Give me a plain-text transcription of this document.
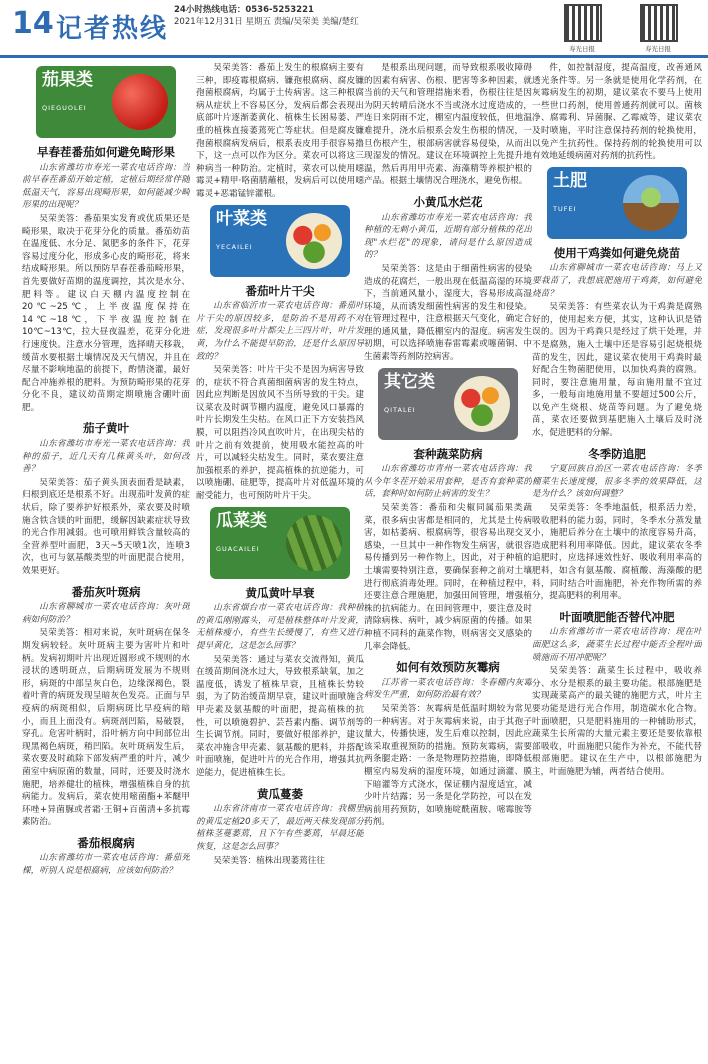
14 记者热线
24小时热线电话：0536-5253221
2021年12月31日 星期五 责编/吴荣美 美编/楚红
寿光日报	寿光日报
茄果类
QIEGUOLEI
早春茬番茄如何避免畸形果

山东省潍坊市寿光一菜农电话咨询：当前早春茬番茄开始定植，定植后期经常伴随低温天气，容易出现畸形果，如何能减少畸形果的出现呢？

吴荣美答：番茄果实发育或优质果还是畸形果，取决于花芽分化的质量。番茄幼苗在温度低、水分足、氮肥多的条件下，花芽容易过度分化，形成多心皮的畸形花，将来结成畸形果。所以预防早春茬番茄畸形果，首先要做好苗期的温度调控，其次是水分、肥料等。建议白天棚内温度控制在20℃~25℃，上半夜温度保持在14℃~18℃，下半夜温度控制在10℃~13℃，拉大昼夜温差，花芽分化进行速度快。注意水分管理，选择晴天移栽，缓苗水要根据土壤情况及天气情况，并且在尽量不影响地温的前提下，酌情浇灌，最好配合冲施养根的肥料。为预防畸形果的花芽分化不良，建议幼苗期定期喷施含硼叶面肥。

茄子黄叶

山东省潍坊市寿光一菜农电话咨询：我种的茄子，近几天有几株黄头叶，如何改善？

吴荣美答：茄子黄头顶表面看是缺素，归根到底还是根系不好。出现茄叶发黄的症状后，除了要养护好根系外，菜农要及时喷施含铁含镁的叶面肥，缓解因缺素症状导致的光合作用减弱。也可喷用鲜铁含量较高的全营养型叶面肥，3天~5天喷1次，连喷3次，也可与氨基酸类型的叶面肥混合使用，效果更好。

番茄灰叶斑病

山东省聊城市一菜农电话咨询：灰叶斑病如何防治？

吴荣美答：相对来说，灰叶斑病在保冬期发病较轻。灰叶斑病主要为害叶片和叶柄。发病初期叶片出现近圆形或不规则的水浸状的透明斑点，后期病斑发展为不规则形，病斑的中部呈灰白色，边缘深褐色，裂着叶背的病斑发现呈暗灰色发亮。正面与早疫病的病斑相似，后期病斑比早疫病的暗小，而且上面没有。病斑剖凹陷，易破裂，穿孔。危害叶柄时，沿叶柄方向中间部位出现黑褐色病斑，稍凹陷。灰叶斑病发生后，菜农要及时疏除下部发病严重的叶片，减少菌室中病原菌的数量，同时，还要及时浇水施肥，培养健壮的植株，增强植株自身的抗病能力。发病后，菜农使用嘧菌酯+苯醚甲环唑+异菌脲或者霜·王铜+百菌清+多抗霉素防治。

番茄根腐病

山东省潍坊市一菜农电话咨询：番茄死棵，听别人说是根腐病，应该如何防治？

吴荣美答：番茄上发生的根腐病主要有三种，即疫霉根腐病、镰孢根腐病、腐皮镰孢菌根腐病，均属于土传病害。这三种根腐病从症状上不容易区分，发病后都会表现出底部叶片逐渐萎黄化、植株生长困易萎、严重的植株直接萎蔫死亡等症状。但是腐皮镰孢菌根腐病发病后，根系表皮用手很容易撸下，这一点可以作为区分。菜农可以将这三种病当一种防治。定植时，菜农可以使用噁霉灵+精甲·咯菌腈蘸根，发病后可以使用噁霉灵+恶霜锰锌灌根。

叶菜类
YECAILEI
番茄叶片干尖

山东省临沂市一菜农电话咨询：番茄叶片干尖的原因较多，是防治不是用药不对症，发现很多叶片都尖上三四片叶，叶片发黄，为什么不能提早防治，还是什么原因导致的？

吴荣美答：叶片干尖不是因为病害导致的，症状不符合真菌细菌病害的发生特点，因此应判断是因放风不当所导致的干尖。建议菜农及时调节棚内温度，避免风口暴露的叶片长期发生尖枯。在风口正下方安装挡风膜，可以阻挡冷风直吹叶片，在出现尖枯的叶片之前有效提前，使用吸水能控高的叶片，可以减轻尖枯发生。同时，菜农要注意加强根系的养护，提高植株的抗逆能力，可以喷施硼、硅肥等，提高叶片对低温环境的耐受能力，也可预防叶片干尖。

瓜菜类
GUACAILEI
黄瓜黄叶早衰

山东省烟台市一菜农电话咨询：我种植的黄瓜刚刚露头，可是植株整体叶片发黄，无植株瘦小，有些生长缓慢了，有些又进行提早黄化，这是怎么回事？

吴荣美答：通过与菜农交流得知，黄瓜在缓苗期间浇水过大，导致根系缺氧，加之温度低，诱发了植株早衰，且植株长势较弱，为了防治缓苗期早衰，建议叶面喷施含甲壳素及氨基酸的叶面肥，提高植株的抗性，可以喷施碧护、芸苔素内酯、调节剂等生长调节剂。同时，要做好根部养护，建议菜农冲施含甲壳素、氨基酸的肥料，并搭配叶面喷施，促进叶片的光合作用，增强其抗逆能力，促进植株生长。

黄瓜蔓萎

山东省济南市一菜农电话咨询：我棚里的黄瓜定植20多天了，最近两天株发现部分植株茎蔓萎蔫，且下午有些萎蔫，早晨还能恢复，这是怎么回事？

吴荣美答：植株出现萎蔫往往

是根系出现问题，而导致根系吸收障碍的因素有病害、伤根、肥害等多种因素，就当前的天气和管理措施来看，伤根往往是因为阴天转晴后浇水不当或浇水过度造成的，连日来阴雨不定，棚室内温度较低，但地温难提升，浇水后根系会发生伤根的情况，一旦伤根产生，根部病害就容易侵染，从而出现湿发的情况。建议在环境调控上先提升地温，然后再用甲壳素、海藻精等养根护根的产品。根据土壤情况合理浇水，避免伤根。

小黄瓜水烂花

山东省潍坊市寿光一菜农电话咨询：我种植的无刺小黄瓜，近期有部分植株的花出现"水烂花"的现象，请问是什么原因造成的？

吴荣美答：这是由于细菌性病害的侵染造成的花腐烂，一般出现在低温高湿的环境下，当前通风量小，湿度大，容易形成高湿环境，从而诱发细菌性病害的发生和侵染。在管理过程中，注意根据天气变化，确定合理的通风量，降低棚室内的湿度。病害发生初期，可以选择喷施春雷霉素或噻菌铜、中生菌素等药剂防控病害。

其它类
QITALEI
套种蔬菜防病

山东省潍坊市青州一菜农电话咨询：我从今年冬茬开始采用套种，是否有套种菜的话，套种时如何防止病害的发生？

吴荣美答：番茄和尖椒同属茄果类蔬菜，很多病虫害都是相同的，尤其是土传病害，如枯萎病、根腐病等，很容易出现交叉感染，一旦其中一种作物发生病害，就很容易传播到另一种作物上，因此，对于种植的土壤需要特别注意，要确保套种之前对土壤进行彻底消毒处理。同时，在种植过程中，还要注意合理施肥，加强田间管理，增强植株的抗病能力。在田间管理中，要注意及时清除病株、病叶，减少病原菌的传播。如果种植不同科的蔬菜作物，则病害交叉感染的几率会降低。

如何有效预防灰霉病

江苏省一菜农电话咨询：冬春棚内灰霉病发生严重，如何防治最有效？

吴荣美答：灰霉病是低温时期较为常见的一种病害。对于灰霉病来说，由于其孢子量大，传播快速，发生后难以控制，因此应该采取重视预防的措施。预防灰霉病，需要两条腿走路：一条是物理防控措施，即降低棚室内易发病的湿度环境，如通过滴灌、膜下暗灌等方式浇水，保证棚内湿度适宜，减少叶片结露；另一条是化学防控，可以在发病前用药预防，如喷施啶酰菌胺、嘧霉胺等药剂。

件，如控制湿度，提高温度，改善通风透光条件等。另一条就是使用化学药剂，在灰霉病发生的初期，建议菜农不要马上使用一些世口药剂，使用普通药剂就可以。菌核净、腐霉利、异菌脲、乙霉威等，建议菜农及时喷施，平时注意保持药剂的轮换使用，以免产生抗药性。保持药剂的轮换使用可以有效地延缓病菌对药剂的抗药性。

土肥
TUFEI
使用干鸡粪如何避免烧苗

山东省聊城市一菜农电话咨询：马上又要栽苗了，我想底肥施用干鸡粪，如何避免烧苗？

吴荣美答：有些菜农认为干鸡粪是腐熟好的，使用起来方便，其实，这种认识是错误的。因为干鸡粪只是经过了烘干处理，并不是腐熟，施入土壤中还是容易引起烧根烧苗的发生，因此，建议菜农使用干鸡粪时最好配合生物菌肥使用，以加快鸡粪的腐熟。同时，要注意施用量，每亩施用量不宜过多，一般每亩地施用量不要超过500公斤，以免产生烧根、烧苗等问题。为了避免烧苗，菜农还要做到基肥施入土壤后及时浇水，促进肥料的分解。

冬季防追肥

宁夏回族自治区一菜农电话咨询：冬季棚菜生长速度慢，很多冬季的效果降低，这是为什么？该如何调整？

吴荣美答：冬季地温低，根系活力差，吸收肥料的能力弱，同时，冬季水分蒸发量小，施肥后养分在土壤中的浓度容易升高，造成肥料利用率降低。因此，建议菜农冬季追肥时，应选择速效性好、吸收利用率高的肥料，如含有氨基酸、腐植酸、海藻酸的肥料，同时结合叶面施肥，补充作物所需的养分，提高肥料的利用率。

叶面喷肥能否替代冲肥

山东省潍坊市一菜农电话咨询：现在叶面肥这么多，蔬菜生长过程中能否全程叶面喷施而不用冲肥呢？

吴荣美答：蔬菜生长过程中，吸收养分、水分是根系的最主要功能。根部施肥是实现蔬菜高产的最关键的施肥方式，叶片主要功能是进行光合作用，制造碳水化合物。叶面喷肥，只是肥料施用的一种辅助形式，蔬菜生长所需的大量元素主要还是要依靠根部吸收，叶面施肥只能作为补充，不能代替根部施肥。建议在生产中，以根部施肥为主，叶面施肥为辅，两者结合使用。
